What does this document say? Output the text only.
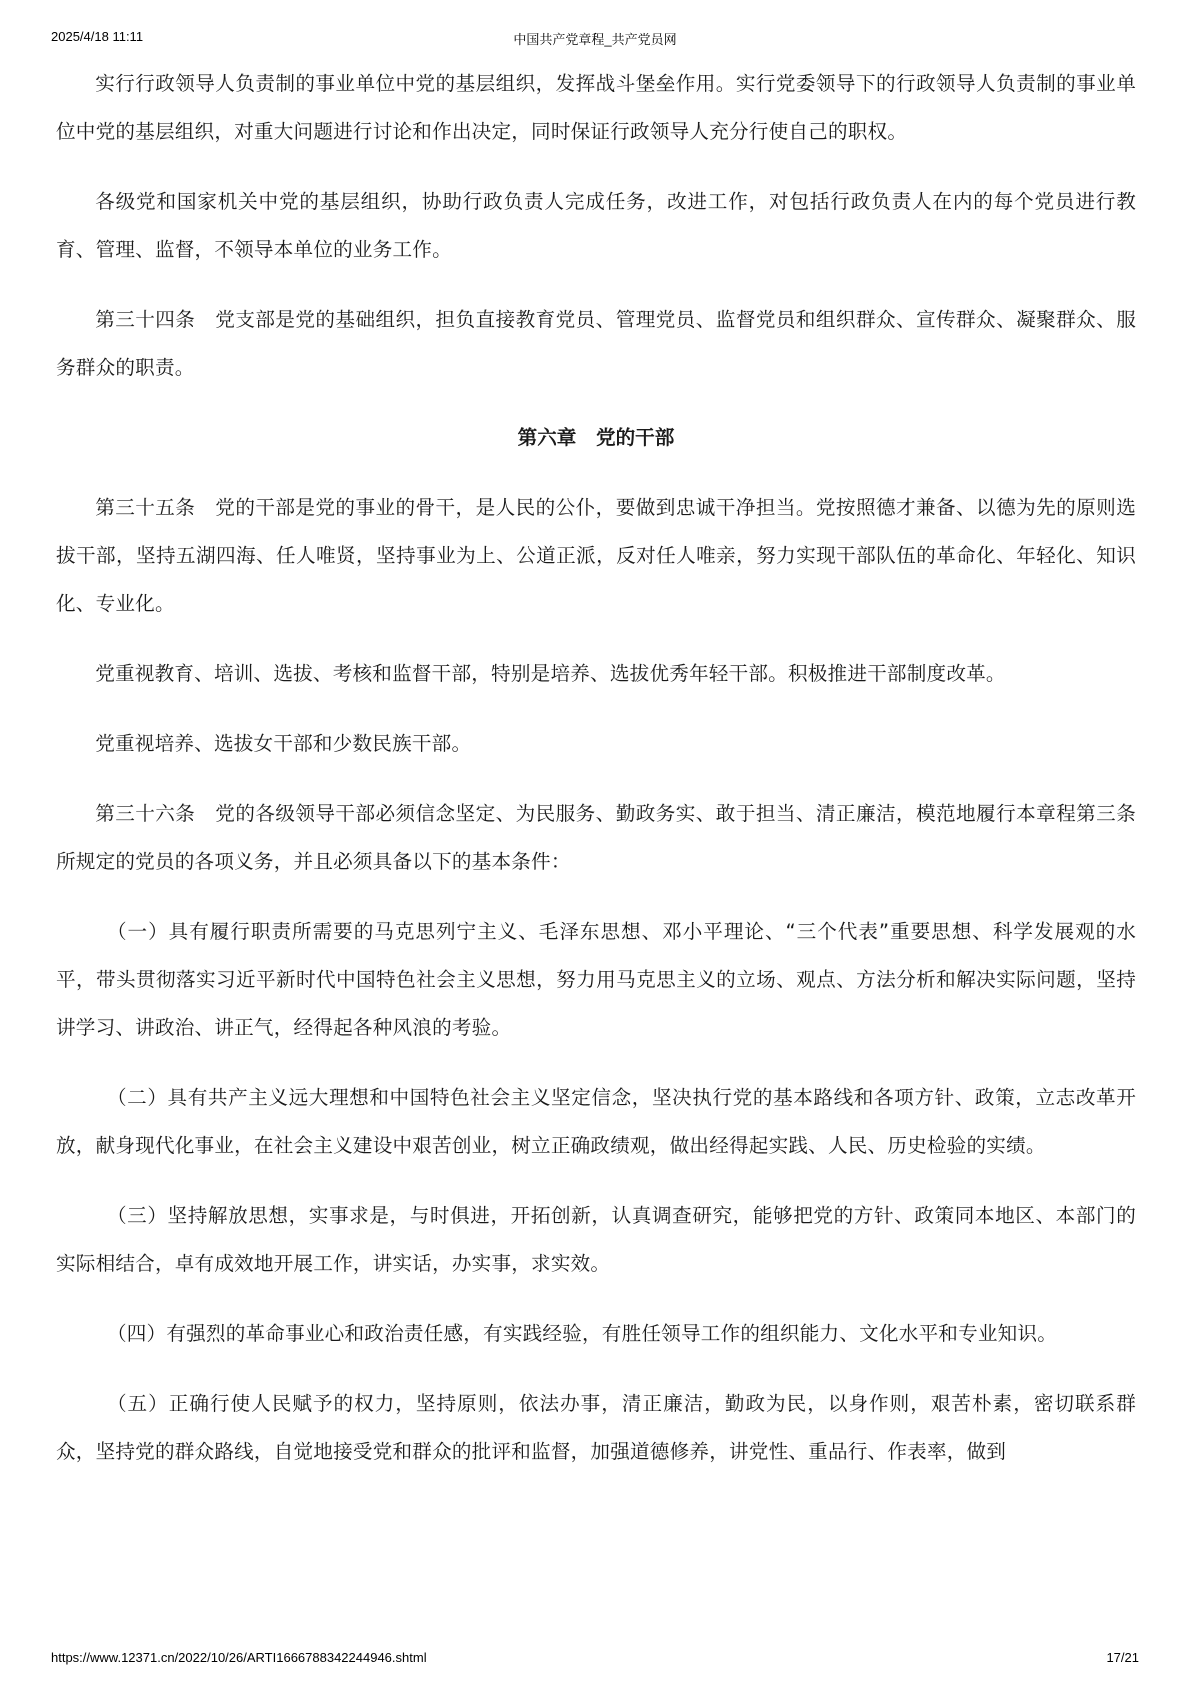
2025/4/18 11:11	中国共产党章程_共产党员网

实行行政领导人负责制的事业单位中党的基层组织，发挥战斗堡垒作用。实行党委领导下的行政领导人负责制的事业单位中党的基层组织，对重大问题进行讨论和作出决定，同时保证行政领导人充分行使自己的职权。

各级党和国家机关中党的基层组织，协助行政负责人完成任务，改进工作，对包括行政负责人在内的每个党员进行教育、管理、监督，不领导本单位的业务工作。

第三十四条　党支部是党的基础组织，担负直接教育党员、管理党员、监督党员和组织群众、宣传群众、凝聚群众、服务群众的职责。

第六章　党的干部

第三十五条　党的干部是党的事业的骨干，是人民的公仆，要做到忠诚干净担当。党按照德才兼备、以德为先的原则选拔干部，坚持五湖四海、任人唯贤，坚持事业为上、公道正派，反对任人唯亲，努力实现干部队伍的革命化、年轻化、知识化、专业化。

党重视教育、培训、选拔、考核和监督干部，特别是培养、选拔优秀年轻干部。积极推进干部制度改革。

党重视培养、选拔女干部和少数民族干部。

第三十六条　党的各级领导干部必须信念坚定、为民服务、勤政务实、敢于担当、清正廉洁，模范地履行本章程第三条所规定的党员的各项义务，并且必须具备以下的基本条件：

（一）具有履行职责所需要的马克思列宁主义、毛泽东思想、邓小平理论、“三个代表”重要思想、科学发展观的水平，带头贯彻落实习近平新时代中国特色社会主义思想，努力用马克思主义的立场、观点、方法分析和解决实际问题，坚持讲学习、讲政治、讲正气，经得起各种风浪的考验。

（二）具有共产主义远大理想和中国特色社会主义坚定信念，坚决执行党的基本路线和各项方针、政策，立志改革开放，献身现代化事业，在社会主义建设中艰苦创业，树立正确政绩观，做出经得起实践、人民、历史检验的实绩。

（三）坚持解放思想，实事求是，与时俱进，开拓创新，认真调查研究，能够把党的方针、政策同本地区、本部门的实际相结合，卓有成效地开展工作，讲实话，办实事，求实效。

（四）有强烈的革命事业心和政治责任感，有实践经验，有胜任领导工作的组织能力、文化水平和专业知识。

（五）正确行使人民赋予的权力，坚持原则，依法办事，清正廉洁，勤政为民，以身作则，艰苦朴素，密切联系群众，坚持党的群众路线，自觉地接受党和群众的批评和监督，加强道德修养，讲党性、重品行、作表率，做到

https://www.12371.cn/2022/10/26/ARTI1666788342244946.shtml	17/21
